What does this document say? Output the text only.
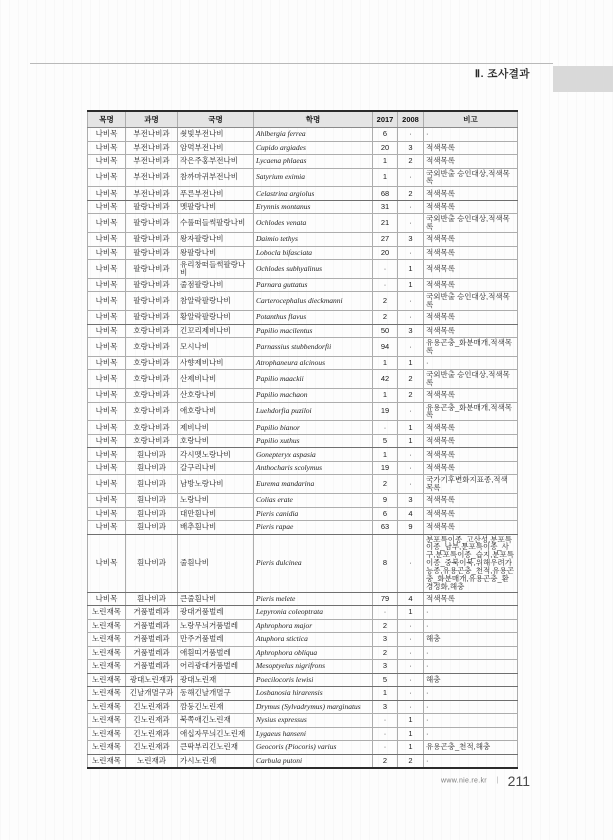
Ⅱ. 조사결과
목명	과명	국명	학명	2017	2008	비고
나비목	부전나비과	쇳빛부전나비	Ahlbergia ferrea	6	·	·
나비목	부전나비과	암먹부전나비	Cupido argiades	20	3	적색목록
나비목	부전나비과	작은주홍부전나비	Lycaena phlaeas	1	2	적색목록
나비목	부전나비과	참까마귀부전나비	Satyrium eximia	1	·	국외반출 승인대상,적색목록
나비목	부전나비과	푸른부전나비	Celastrina argiolus	68	2	적색목록
나비목	팔랑나비과	멧팔랑나비	Erynnis montanus	31	·	적색목록
나비목	팔랑나비과	수풀떠들썩팔랑나비	Ochlodes venata	21	·	국외반출 승인대상,적색목록
나비목	팔랑나비과	왕자팔랑나비	Daimio tethys	27	3	적색목록
나비목	팔랑나비과	왕팔랑나비	Lobocla bifasciata	20	·	적색목록
나비목	팔랑나비과	유리창떠들썩팔랑나비	Ochlodes subhyalinus	·	1	적색목록
나비목	팔랑나비과	줄점팔랑나비	Parnara guttatus	·	1	적색목록
나비목	팔랑나비과	참알락팔랑나비	Carterocephalus dieckmanni	2	·	국외반출 승인대상,적색목록
나비목	팔랑나비과	황알락팔랑나비	Potanthus flavus	2	·	적색목록
나비목	호랑나비과	긴꼬리제비나비	Papilio macilentus	50	3	적색목록
나비목	호랑나비과	모시나비	Parnassius stubbendorfii	94	·	유용곤충_화분매개,적색목록
나비목	호랑나비과	사향제비나비	Atrophaneura alcinous	1	1	·
나비목	호랑나비과	산제비나비	Papilio maackii	42	2	국외반출 승인대상,적색목록
나비목	호랑나비과	산호랑나비	Papilio machaon	1	2	적색목록
나비목	호랑나비과	애호랑나비	Luehdorfia puziloi	19	·	유용곤충_화분매개,적색목록
나비목	호랑나비과	제비나비	Papilio bianor	·	1	적색목록
나비목	호랑나비과	호랑나비	Papilio xuthus	5	1	적색목록
나비목	흰나비과	각시멧노랑나비	Gonepteryx aspasia	1	·	적색목록
나비목	흰나비과	갈구리나비	Anthocharis scolymus	19	·	적색목록
나비목	흰나비과	남방노랑나비	Eurema mandarina	2	·	국가기후변화지표종,적색목록
나비목	흰나비과	노랑나비	Colias erate	9	3	적색목록
나비목	흰나비과	대만흰나비	Pieris canidia	6	4	적색목록
나비목	흰나비과	배추흰나비	Pieris rapae	63	9	적색목록
나비목	흰나비과	줄흰나비	Pieris dulcinea	8	·	분포특이종_고산성,분포특이종_남부,분포특이종_사구,분포특이종_습지,분포특이종_중북이북,위해우려가능종,유용곤충_천적,유용곤충_화분매개,유용곤충_환경정화,해충
나비목	흰나비과	큰줄흰나비	Pieris melete	79	4	적색목록
노린재목	거품벌레과	광대거품벌레	Lepyronia coleoptrata	·	1	·
노린재목	거품벌레과	노랑무늬거품벌레	Aphrophora major	2	·	·
노린재목	거품벌레과	만주거품벌레	Atuphora stictica	3	·	해충
노린재목	거품벌레과	애흰띠거품벌레	Aphrophora obliqua	2	·	·
노린재목	거품벌레과	어리광대거품벌레	Mesoptyelus nigrifrons	3	·	·
노린재목	광대노린재과	광대노린재	Poecilocoris lewisi	5	·	해충
노린재목	긴날개멸구과	동해긴날개멸구	Losbanosia hirarensis	1	·	·
노린재목	긴노린재과	깜둥긴노린재	Drymus (Sylvadrymus) marginatus	3	·	·
노린재목	긴노린재과	북쪽애긴노린재	Nysius expressus	·	1	·
노린재목	긴노린재과	애십자무늬긴노린재	Lygaeus hanseni	·	1	·
노린재목	긴노린재과	큰딱부리긴노린재	Geocoris (Piocoris) varius	·	1	유용곤충_천적,해충
노린재목	노린재과	가시노린재	Carbula putoni	2	2	·
www.nie.re.kr | 211
